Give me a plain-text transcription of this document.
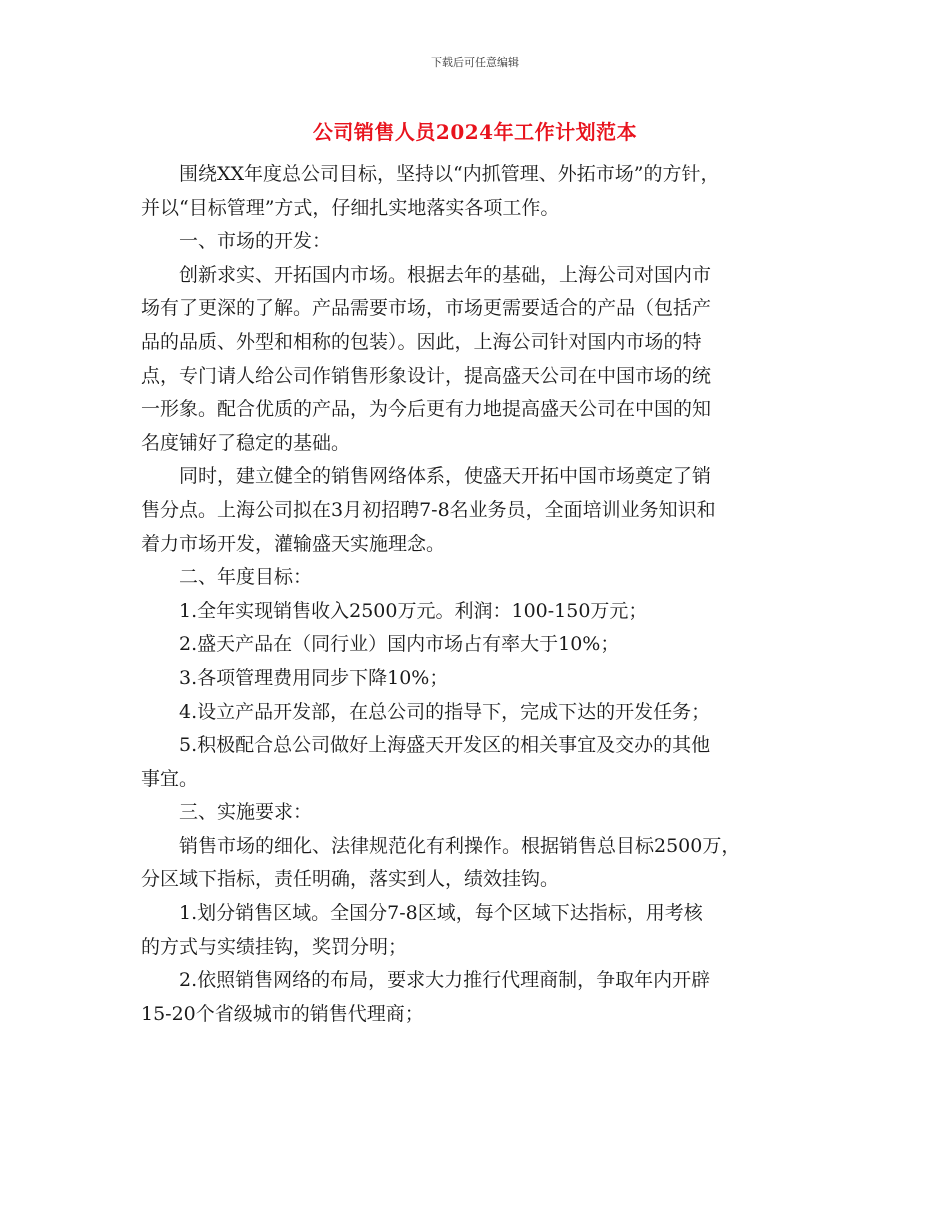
下载后可任意编辑
公司销售人员2024年工作计划范本

围绕XX年度总公司目标，坚持以“内抓管理、外拓市场”的方针，
并以“目标管理”方式，仔细扎实地落实各项工作。

一、市场的开发：

创新求实、开拓国内市场。根据去年的基础，上海公司对国内市
场有了更深的了解。产品需要市场，市场更需要适合的产品（包括产
品的品质、外型和相称的包装）。因此，上海公司针对国内市场的特
点，专门请人给公司作销售形象设计，提高盛天公司在中国市场的统
一形象。配合优质的产品，为今后更有力地提高盛天公司在中国的知
名度铺好了稳定的基础。

同时，建立健全的销售网络体系，使盛天开拓中国市场奠定了销
售分点。上海公司拟在3月初招聘7-8名业务员，全面培训业务知识和
着力市场开发，灌输盛天实施理念。

二、年度目标：

1.全年实现销售收入2500万元。利润：100-150万元；

2.盛天产品在（同行业）国内市场占有率大于10%；

3.各项管理费用同步下降10%；

4.设立产品开发部，在总公司的指导下，完成下达的开发任务；

5.积极配合总公司做好上海盛天开发区的相关事宜及交办的其他
事宜。

三、实施要求：

销售市场的细化、法律规范化有利操作。根据销售总目标2500万，
分区域下指标，责任明确，落实到人，绩效挂钩。

1.划分销售区域。全国分7-8区域，每个区域下达指标，用考核
的方式与实绩挂钩，奖罚分明；

2.依照销售网络的布局，要求大力推行代理商制，争取年内开辟
15-20个省级城市的销售代理商；
